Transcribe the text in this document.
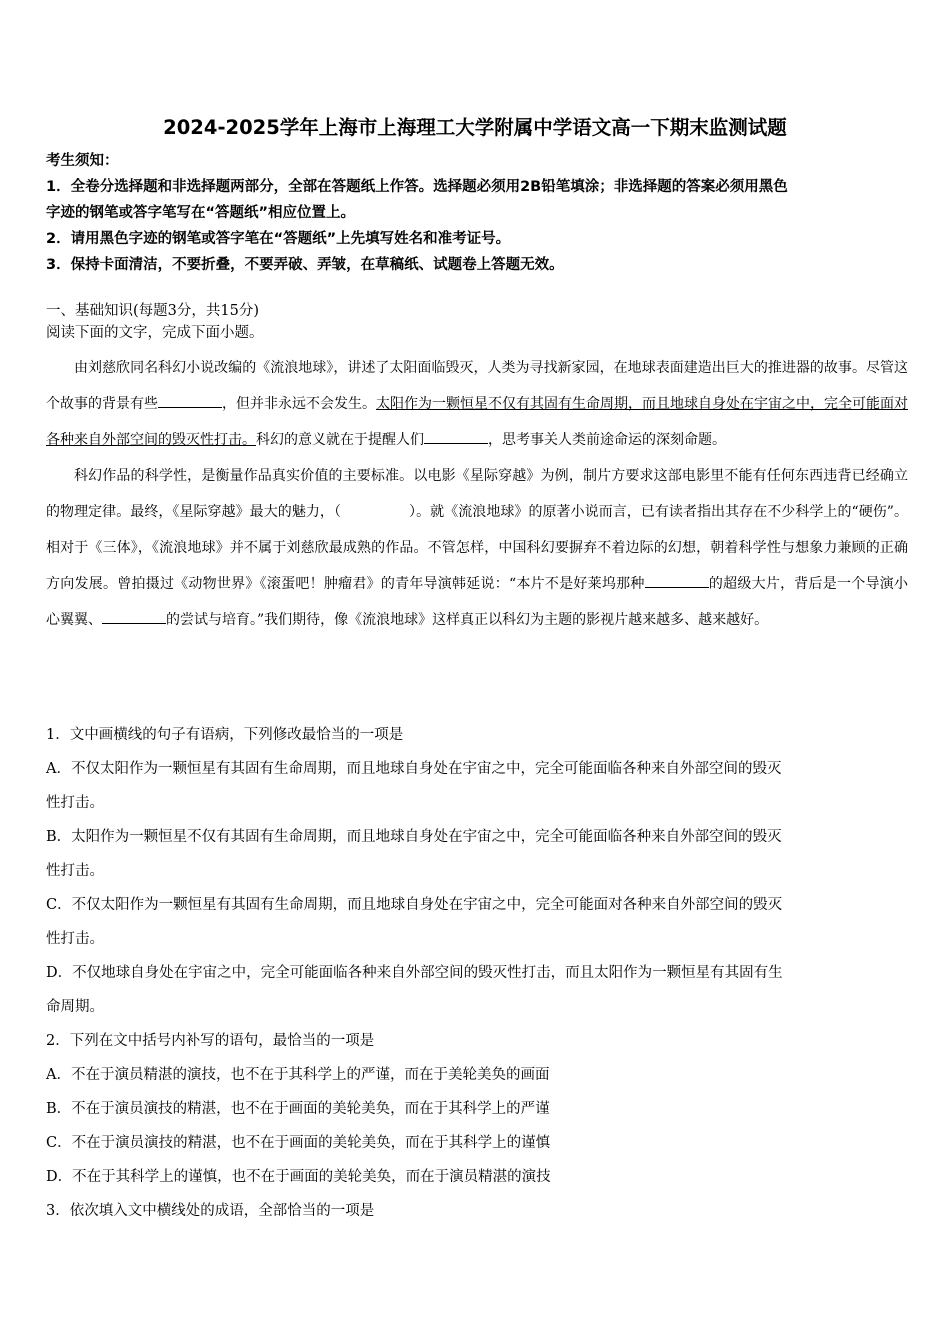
2024-2025学年上海市上海理工大学附属中学语文高一下期末监测试题
考生须知：
1．全卷分选择题和非选择题两部分，全部在答题纸上作答。选择题必须用2B铅笔填涂；非选择题的答案必须用黑色
字迹的钢笔或答字笔写在“答题纸”相应位置上。
2．请用黑色字迹的钢笔或答字笔在“答题纸”上先填写姓名和准考证号。
3．保持卡面清洁，不要折叠，不要弄破、弄皱，在草稿纸、试题卷上答题无效。
一、基础知识(每题3分，共15分)
阅读下面的文字，完成下面小题。

由刘慈欣同名科幻小说改编的《流浪地球》，讲述了太阳面临毁灭，人类为寻找新家园，在地球表面建造出巨大的推进器的故事。尽管这个故事的背景有些	，但并非永远不会发生。太阳作为一颗恒星不仅有其固有生命周期，而且地球自身处在宇宙之中，完全可能面对各种来自外部空间的毁灭性打击。科幻的意义就在于提醒人们	，思考事关人类前途命运的深刻命题。

科幻作品的科学性，是衡量作品真实价值的主要标准。以电影《星际穿越》为例，制片方要求这部电影里不能有任何东西违背已经确立的物理定律。最终，《星际穿越》最大的魅力，（	）。就《流浪地球》的原著小说而言，已有读者指出其存在不少科学上的“硬伤”。相对于《三体》，《流浪地球》并不属于刘慈欣最成熟的作品。不管怎样，中国科幻要摒弃不着边际的幻想，朝着科学性与想象力兼顾的正确方向发展。曾拍摄过《动物世界》《滚蛋吧！肿瘤君》的青年导演韩延说：“本片不是好莱坞那种	的超级大片，背后是一个导演小心翼翼、	的尝试与培育。”我们期待，像《流浪地球》这样真正以科幻为主题的影视片越来越多、越来越好。

1．文中画横线的句子有语病，下列修改最恰当的一项是
A．不仅太阳作为一颗恒星有其固有生命周期，而且地球自身处在宇宙之中，完全可能面临各种来自外部空间的毁灭
性打击。
B．太阳作为一颗恒星不仅有其固有生命周期，而且地球自身处在宇宙之中，完全可能面临各种来自外部空间的毁灭
性打击。
C．不仅太阳作为一颗恒星有其固有生命周期，而且地球自身处在宇宙之中，完全可能面对各种来自外部空间的毁灭
性打击。
D．不仅地球自身处在宇宙之中，完全可能面临各种来自外部空间的毁灭性打击，而且太阳作为一颗恒星有其固有生
命周期。
2．下列在文中括号内补写的语句，最恰当的一项是
A．不在于演员精湛的演技，也不在于其科学上的严谨，而在于美轮美奂的画面
B．不在于演员演技的精湛，也不在于画面的美轮美奂，而在于其科学上的严谨
C．不在于演员演技的精湛，也不在于画面的美轮美奂，而在于其科学上的谨慎
D．不在于其科学上的谨慎，也不在于画面的美轮美奂，而在于演员精湛的演技
3．依次填入文中横线处的成语，全部恰当的一项是
